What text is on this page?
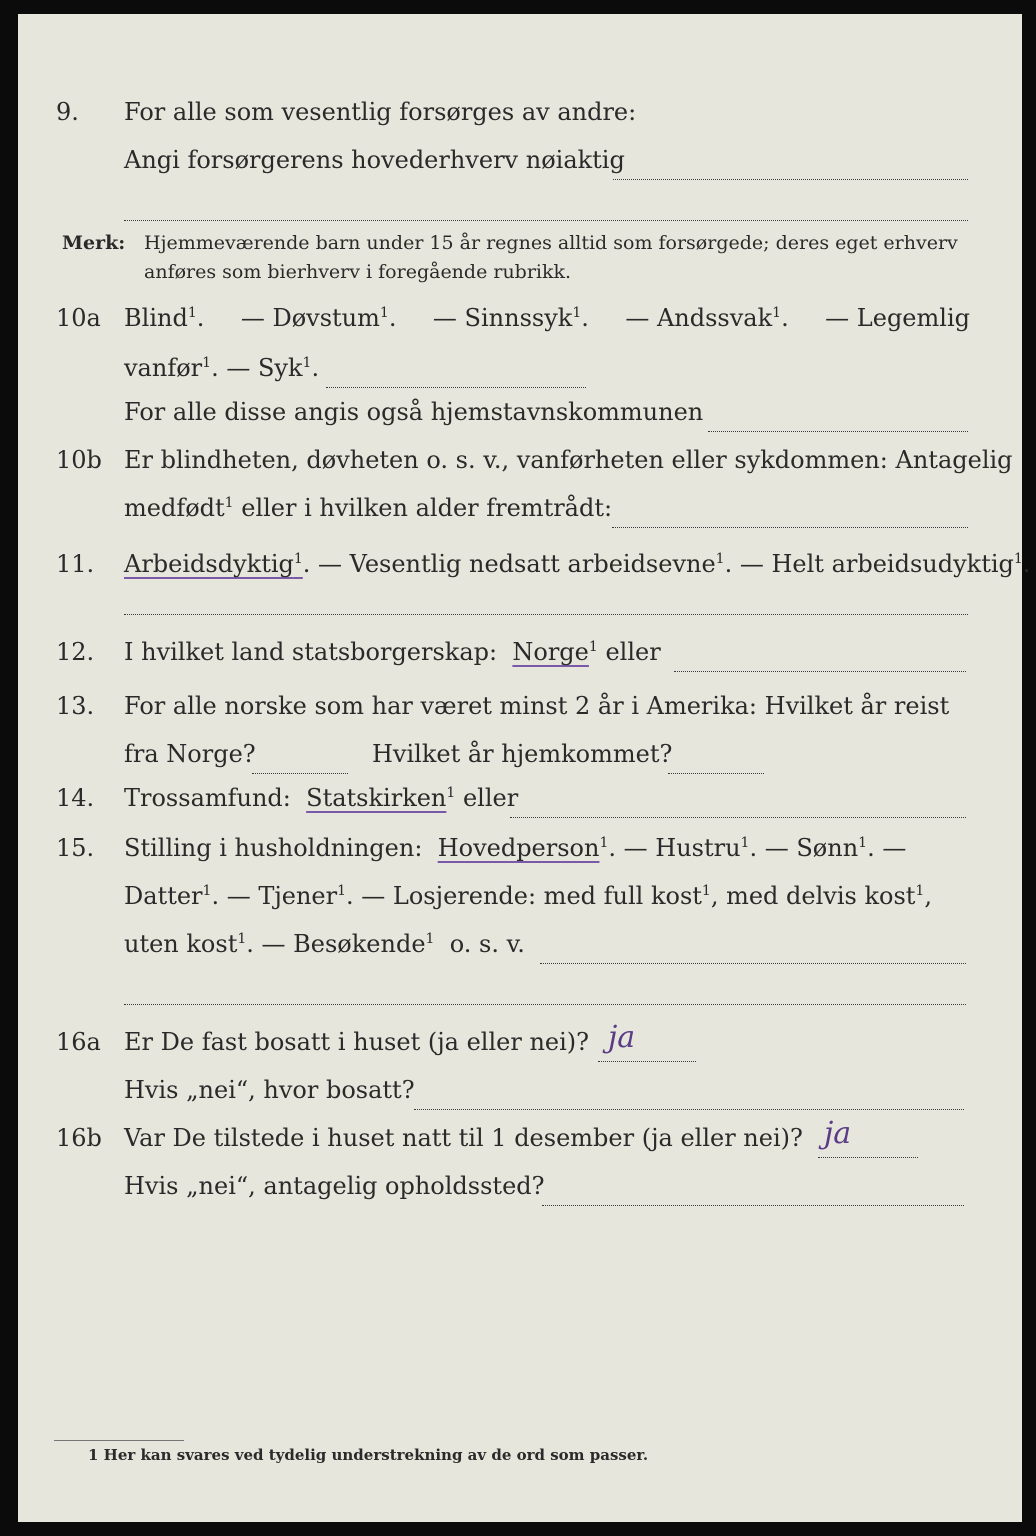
9. For alle som vesentlig forsørges av andre:
Angi forsørgerens hovederhverv nøiaktig
Merk: Hjemmeværende barn under 15 år regnes alltid som forsørgede; deres eget erhverv anføres som bierhverv i foregående rubrikk.
10a Blind$^1$. — Døvstum$^1$. — Sinnssyk$^1$. — Andssvak$^1$. — Legemlig
vanfør$^1$.
— Syk$^1$.
For alle disse angis også hjemstavnskommunen
10b Er blindheten, døvheten o. s. v., vanførheten eller sykdommen: Antagelig
medfødt$^1$
eller i hvilken alder fremtrådt:
11. Arbeidsdyktig$^1$ . — Vesentlig nedsatt arbeidsevne$^1$ . — Helt arbeidsudyktig$^1$.
12. I hvilket land statsborgerskap:
Norge 1
eller
13. For alle norske som har været minst 2 år i Amerika: Hvilket år reist
fra Norge?	Hvilket år hjemkommet?
14. Trossamfund:
Statskirken 1
eller
15. Stilling i husholdningen:
Hovedperson 1 . — Hustru$^1$ . — Sønn$^1$ . —
Datter$^1$ . — Tjener$^1$ . — Losjerende: med full kost$^1$ , med delvis kost$^1$ ,
uten kost$^1$ . — Besøkende$^1$
o. s. v.
16a Er De fast bosatt i huset (ja eller nei)? ja
Hvis „nei“, hvor bosatt?
16b Var De tilstede i huset natt til 1 desember (ja eller nei)? ja
Hvis „nei“, antagelig opholdssted?
1 Her kan svares ved tydelig understrekning av de ord som passer.
